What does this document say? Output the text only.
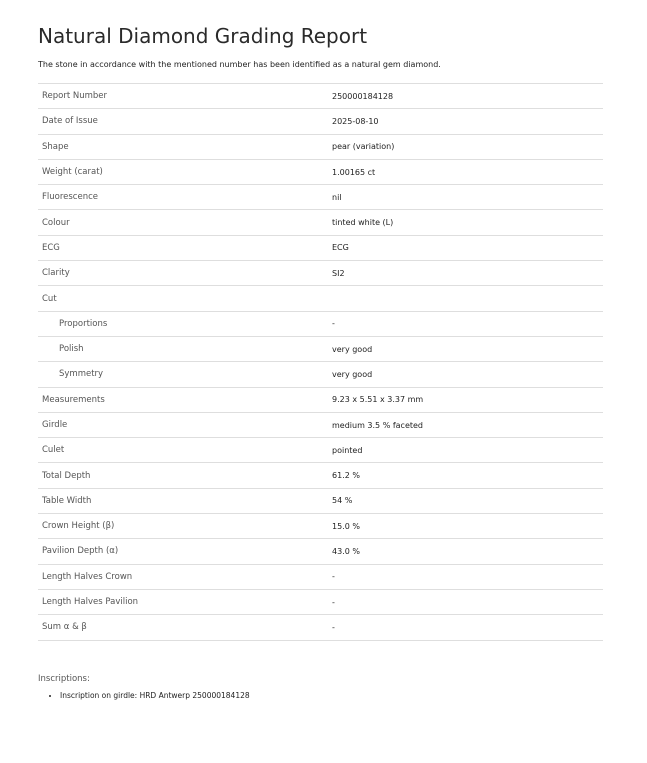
Natural Diamond Grading Report

The stone in accordance with the mentioned number has been identified as a natural gem diamond.

Report Number	250000184128
Date of Issue	2025-08-10
Shape	pear (variation)
Weight (carat)	1.00165 ct
Fluorescence	nil
Colour	tinted white (L)
ECG	ECG
Clarity	SI2
Cut	
Proportions	-
Polish	very good
Symmetry	very good
Measurements	9.23 x 5.51 x 3.37 mm
Girdle	medium 3.5 % faceted
Culet	pointed
Total Depth	61.2 %
Table Width	54 %
Crown Height (β)	15.0 %
Pavilion Depth (α)	43.0 %
Length Halves Crown	-
Length Halves Pavilion	-
Sum α & β	-

Inscriptions:

• Inscription on girdle: HRD Antwerp 250000184128
